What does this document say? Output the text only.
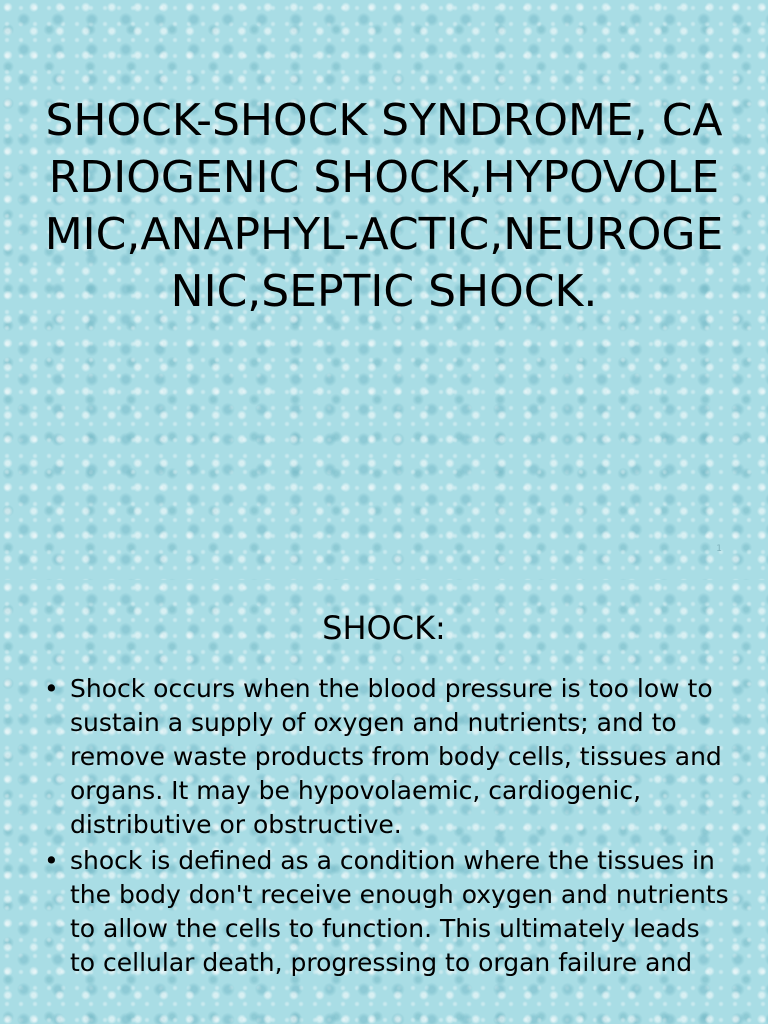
SHOCK-SHOCK SYNDROME, CARDIOGENIC SHOCK,HYPOVOLEMIC,ANAPHYL-ACTIC,NEUROGENIC,SEPTIC SHOCK.
1
SHOCK:
• Shock occurs when the blood pressure is too low to sustain a supply of oxygen and nutrients; and to remove waste products from body cells, tissues and organs. It may be hypovolaemic, cardiogenic, distributive or obstructive.
• shock is defined as a condition where the tissues in the body don't receive enough oxygen and nutrients to allow the cells to function. This ultimately leads to cellular death, progressing to organ failure and
